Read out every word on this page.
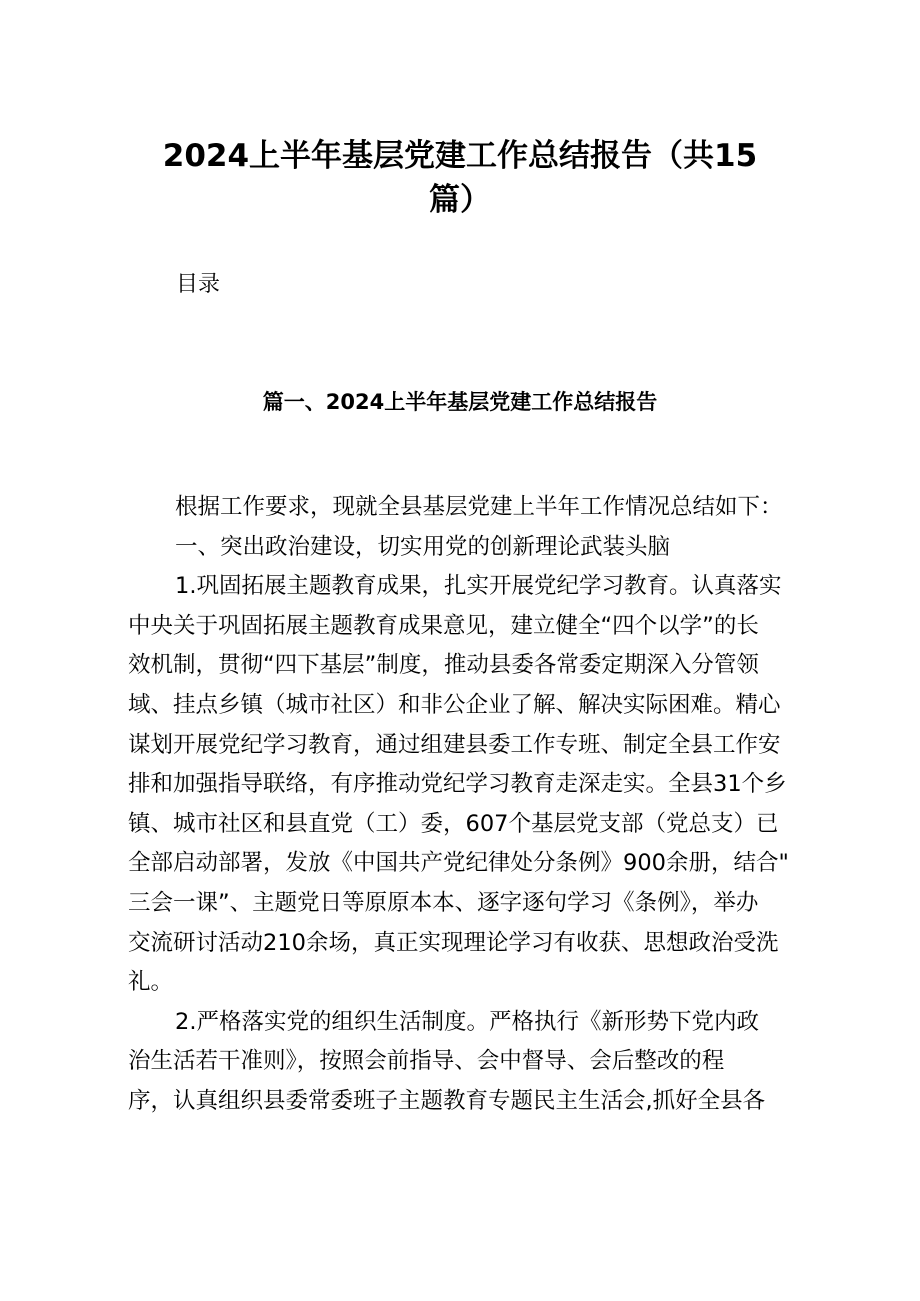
2024上半年基层党建工作总结报告（共15
篇）

目录

篇一、2024上半年基层党建工作总结报告
根据工作要求，现就全县基层党建上半年工作情况总结如下：
一、突出政治建设，切实用党的创新理论武装头脑
1.巩固拓展主题教育成果，扎实开展党纪学习教育。认真落实
中央关于巩固拓展主题教育成果意见，建立健全“四个以学”的长
效机制，贯彻“四下基层”制度，推动县委各常委定期深入分管领
域、挂点乡镇（城市社区）和非公企业了解、解决实际困难。精心
谋划开展党纪学习教育，通过组建县委工作专班、制定全县工作安
排和加强指导联络，有序推动党纪学习教育走深走实。全县31个乡
镇、城市社区和县直党（工）委，607个基层党支部（党总支）已
全部启动部署，发放《中国共产党纪律处分条例》900余册，结合"
三会一课”、主题党日等原原本本、逐字逐句学习《条例》，举办
交流研讨活动210余场，真正实现理论学习有收获、思想政治受洗
礼。
2.严格落实党的组织生活制度。严格执行《新形势下党内政
治生活若干准则》，按照会前指导、会中督导、会后整改的程
序，认真组织县委常委班子主题教育专题民主生活会,抓好全县各
